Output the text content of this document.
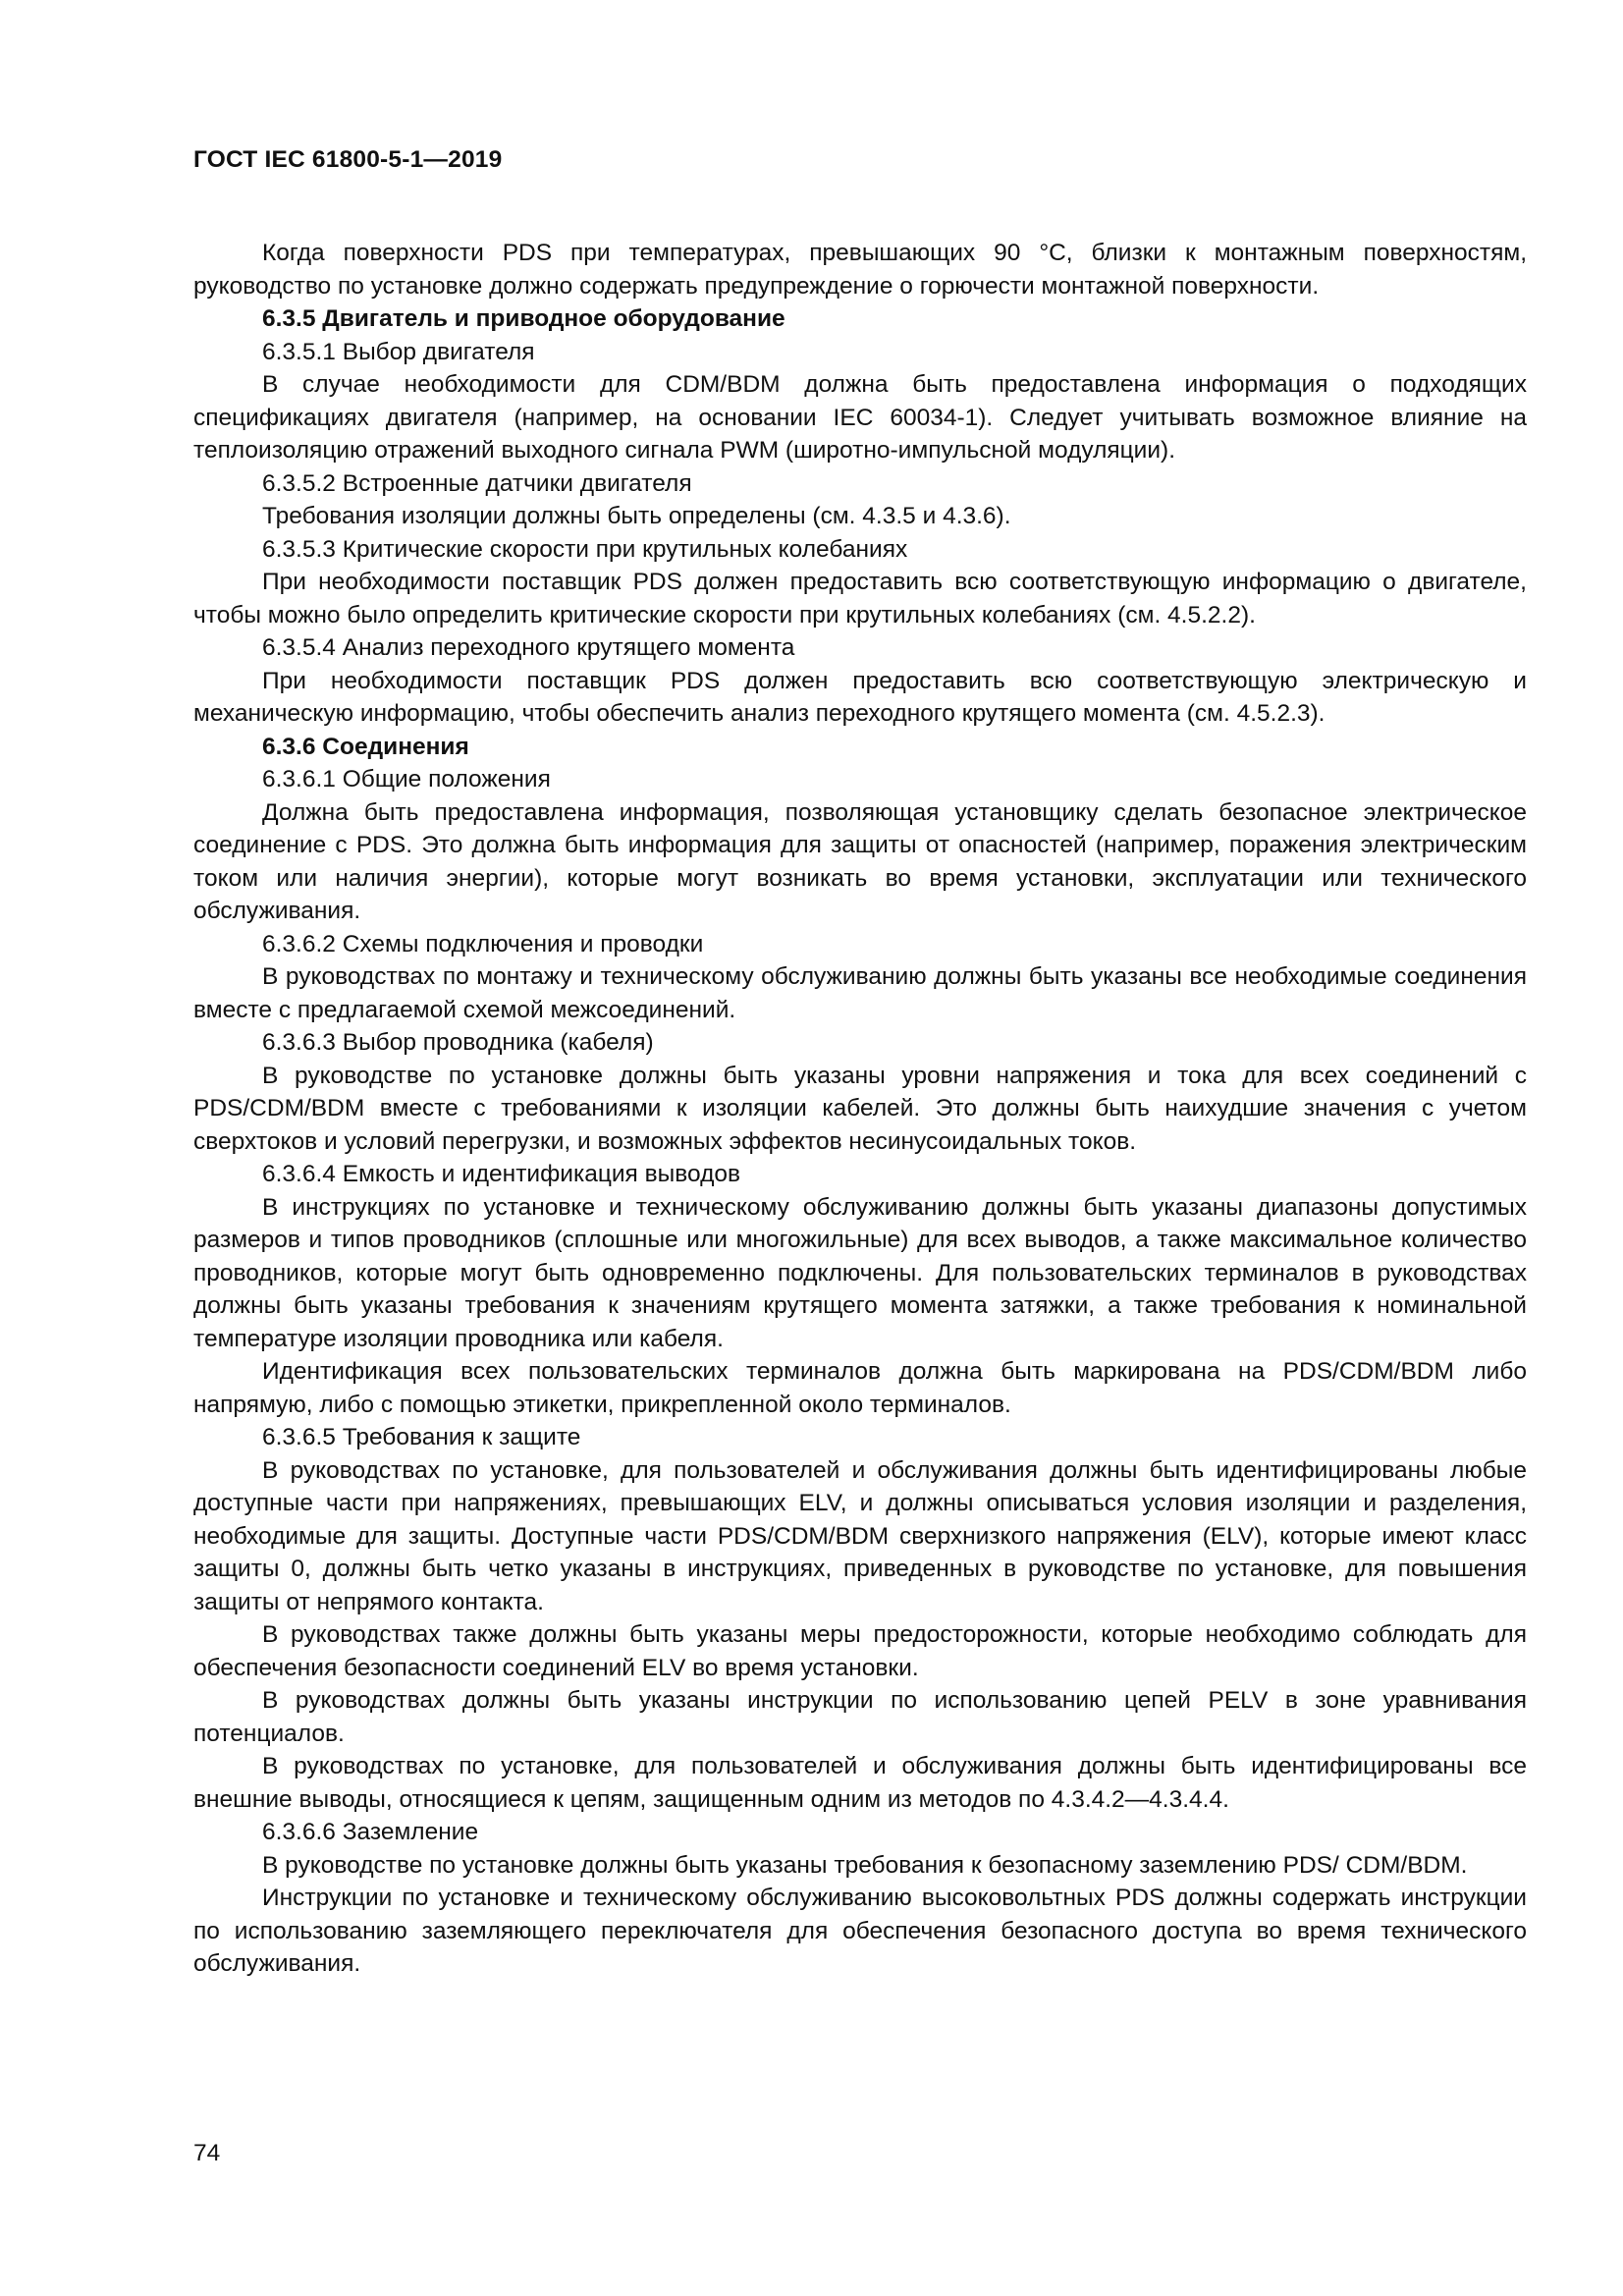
ГОСТ IEC 61800-5-1—2019

Когда поверхности PDS при температурах, превышающих 90 °С, близки к монтажным поверхностям, руководство по установке должно содержать предупреждение о горючести монтажной поверхности.

6.3.5 Двигатель и приводное оборудование

6.3.5.1 Выбор двигателя

В случае необходимости для CDM/BDM должна быть предоставлена информация о подходящих спецификациях двигателя (например, на основании IEC 60034-1). Следует учитывать возможное влияние на теплоизоляцию отражений выходного сигнала PWM (широтно-импульсной модуляции).

6.3.5.2 Встроенные датчики двигателя

Требования изоляции должны быть определены (см. 4.3.5 и 4.3.6).

6.3.5.3 Критические скорости при крутильных колебаниях

При необходимости поставщик PDS должен предоставить всю соответствующую информацию о двигателе, чтобы можно было определить критические скорости при крутильных колебаниях (см. 4.5.2.2).

6.3.5.4 Анализ переходного крутящего момента

При необходимости поставщик PDS должен предоставить всю соответствующую электрическую и механическую информацию, чтобы обеспечить анализ переходного крутящего момента (см. 4.5.2.3).

6.3.6 Соединения

6.3.6.1 Общие положения

Должна быть предоставлена информация, позволяющая установщику сделать безопасное электрическое соединение с PDS. Это должна быть информация для защиты от опасностей (например, поражения электрическим током или наличия энергии), которые могут возникать во время установки, эксплуатации или технического обслуживания.

6.3.6.2 Схемы подключения и проводки

В руководствах по монтажу и техническому обслуживанию должны быть указаны все необходимые соединения вместе с предлагаемой схемой межсоединений.

6.3.6.3 Выбор проводника (кабеля)

В руководстве по установке должны быть указаны уровни напряжения и тока для всех соединений с PDS/CDM/BDM вместе с требованиями к изоляции кабелей. Это должны быть наихудшие значения с учетом сверхтоков и условий перегрузки, и возможных эффектов несинусоидальных токов.

6.3.6.4 Емкость и идентификация выводов

В инструкциях по установке и техническому обслуживанию должны быть указаны диапазоны допустимых размеров и типов проводников (сплошные или многожильные) для всех выводов, а также максимальное количество проводников, которые могут быть одновременно подключены. Для пользовательских терминалов в руководствах должны быть указаны требования к значениям крутящего момента затяжки, а также требования к номинальной температуре изоляции проводника или кабеля.

Идентификация всех пользовательских терминалов должна быть маркирована на PDS/CDM/BDM либо напрямую, либо с помощью этикетки, прикрепленной около терминалов.

6.3.6.5 Требования к защите

В руководствах по установке, для пользователей и обслуживания должны быть идентифицированы любые доступные части при напряжениях, превышающих ELV, и должны описываться условия изоляции и разделения, необходимые для защиты. Доступные части PDS/CDM/BDM сверхнизкого напряжения (ELV), которые имеют класс защиты 0, должны быть четко указаны в инструкциях, приведенных в руководстве по установке, для повышения защиты от непрямого контакта.

В руководствах также должны быть указаны меры предосторожности, которые необходимо соблюдать для обеспечения безопасности соединений ELV во время установки.

В руководствах должны быть указаны инструкции по использованию цепей PELV в зоне уравнивания потенциалов.

В руководствах по установке, для пользователей и обслуживания должны быть идентифицированы все внешние выводы, относящиеся к цепям, защищенным одним из методов по 4.3.4.2—4.3.4.4.

6.3.6.6 Заземление

В руководстве по установке должны быть указаны требования к безопасному заземлению PDS/ CDM/BDM.

Инструкции по установке и техническому обслуживанию высоковольтных PDS должны содержать инструкции по использованию заземляющего переключателя для обеспечения безопасного доступа во время технического обслуживания.

74
